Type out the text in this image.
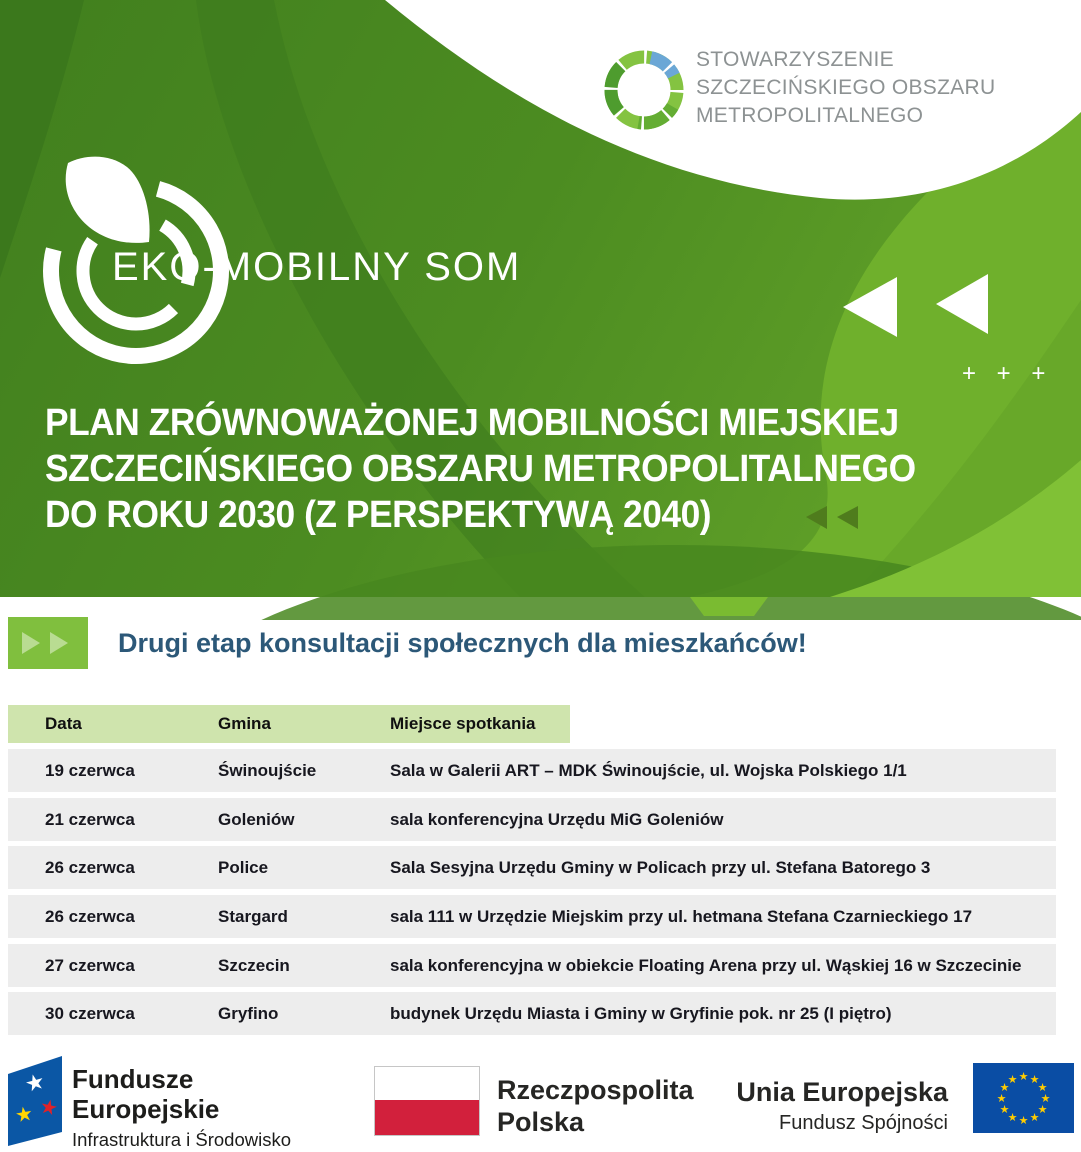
STOWARZYSZENIE
SZCZECIŃSKIEGO OBSZARU
METROPOLITALNEGO
EKO-MOBILNY SOM
PLAN ZRÓWNOWAŻONEJ MOBILNOŚCI MIEJSKIEJ
SZCZECIŃSKIEGO OBSZARU METROPOLITALNEGO
DO ROKU 2030 (Z PERSPEKTYWĄ 2040)
+ + +
Drugi etap konsultacji społecznych dla mieszkańców!
Data	Gmina	Miejsce spotkania
19 czerwca	Świnoujście	Sala w Galerii ART – MDK Świnoujście, ul. Wojska Polskiego 1/1
21 czerwca	Goleniów	sala konferencyjna Urzędu MiG Goleniów
26 czerwca	Police	Sala Sesyjna Urzędu Gminy w Policach przy ul. Stefana Batorego 3
26 czerwca	Stargard	sala 111 w Urzędzie Miejskim przy ul. hetmana Stefana Czarnieckiego 17
27 czerwca	Szczecin	sala konferencyjna w obiekcie Floating Arena przy ul. Wąskiej 16 w Szczecinie
30 czerwca	Gryfino	budynek Urzędu Miasta i Gminy w Gryfinie pok. nr 25 (I piętro)
★
★
★
Fundusze
Europejskie
Infrastruktura i Środowisko
Rzeczpospolita
Polska
Unia Europejska
Fundusz Spójności
★ ★
★
★
★
★
★
★
★
★
★
★
